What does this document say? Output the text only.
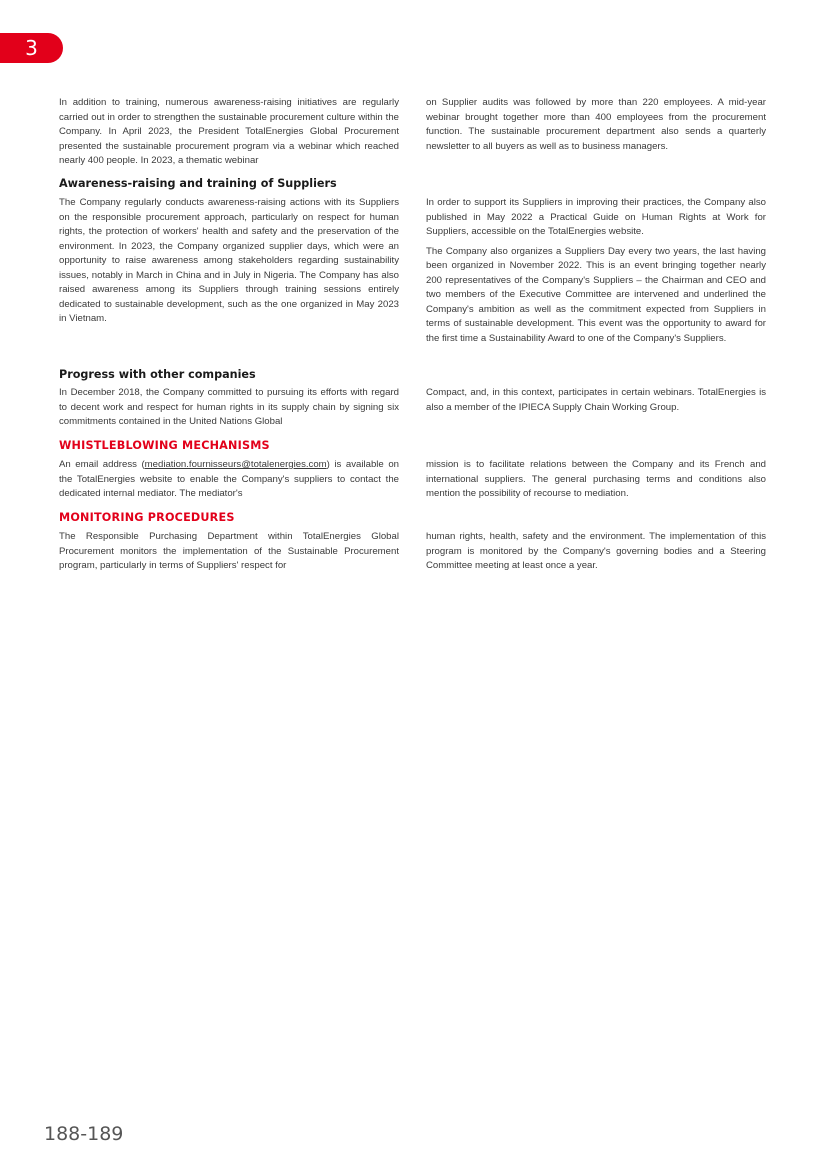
3

In addition to training, numerous awareness-raising initiatives are regularly carried out in order to strengthen the sustainable procurement culture within the Company. In April 2023, the President TotalEnergies Global Procurement presented the sustainable procurement program via a webinar which reached nearly 400 people. In 2023, a thematic webinar

on Supplier audits was followed by more than 220 employees. A mid-year webinar brought together more than 400 employees from the procurement function. The sustainable procurement department also sends a quarterly newsletter to all buyers as well as to business managers.

Awareness-raising and training of Suppliers

The Company regularly conducts awareness-raising actions with its Suppliers on the responsible procurement approach, particularly on respect for human rights, the protection of workers' health and safety and the preservation of the environment. In 2023, the Company organized supplier days, which were an opportunity to raise awareness among stakeholders regarding sustainability issues, notably in March in China and in July in Nigeria. The Company has also raised awareness among its Suppliers through training sessions entirely dedicated to sustainable development, such as the one organized in May 2023 in Vietnam.

In order to support its Suppliers in improving their practices, the Company also published in May 2022 a Practical Guide on Human Rights at Work for Suppliers, accessible on the TotalEnergies website.

The Company also organizes a Suppliers Day every two years, the last having been organized in November 2022. This is an event bringing together nearly 200 representatives of the Company's Suppliers – the Chairman and CEO and two members of the Executive Committee are intervened and underlined the Company's ambition as well as the commitment expected from Suppliers in terms of sustainable development. This event was the opportunity to award for the first time a Sustainability Award to one of the Company's Suppliers.

Progress with other companies

In December 2018, the Company committed to pursuing its efforts with regard to decent work and respect for human rights in its supply chain by signing six commitments contained in the United Nations Global

Compact, and, in this context, participates in certain webinars. TotalEnergies is also a member of the IPIECA Supply Chain Working Group.

WHISTLEBLOWING MECHANISMS

An email address (mediation.fournisseurs@totalenergies.com) is available on the TotalEnergies website to enable the Company's suppliers to contact the dedicated internal mediator. The mediator's

mission is to facilitate relations between the Company and its French and international suppliers. The general purchasing terms and conditions also mention the possibility of recourse to mediation.

MONITORING PROCEDURES

The Responsible Purchasing Department within TotalEnergies Global Procurement monitors the implementation of the Sustainable Procurement program, particularly in terms of Suppliers' respect for

human rights, health, safety and the environment. The implementation of this program is monitored by the Company's governing bodies and a Steering Committee meeting at least once a year.

188-189
